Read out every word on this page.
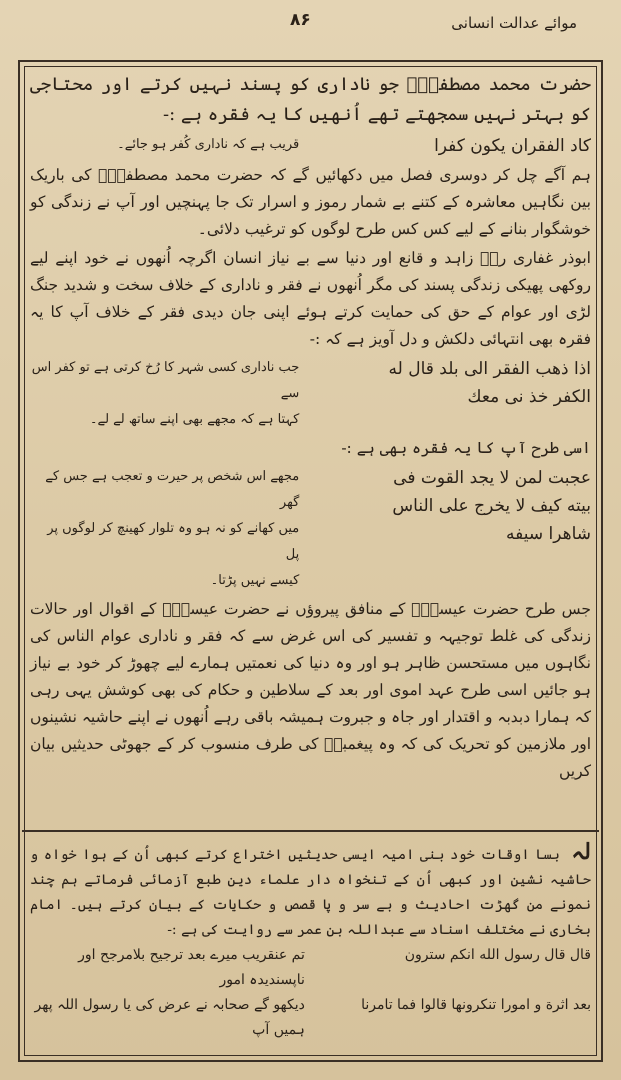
موائے عدالت انسانی
۸۶

حضرت محمد مصطفیٰؐ جو ناداری کو پسند نہیں کرتے اور محتاجی کو بہتر نہیں سمجھتے تھے اُنھیں کا یہ فقرہ ہے :-

کاد الفقران یکون کفرا
قریب ہے کہ ناداری کُفر ہو جائے۔

ہم آگے چل کر دوسری فصل میں دکھائیں گے کہ حضرت محمد مصطفیٰؐ کی باریک بین نگاہیں معاشرہ کے کتنے بے شمار رموز و اسرار تک جا پہنچیں اور آپ نے زندگی کو خوشگوار بنانے کے لیے کس کس طرح لوگوں کو ترغیب دلائی۔

ابوذر غفاری رضؓ زاہد و قانع اور دنیا سے بے نیاز انسان اگرچہ اُنھوں نے خود اپنے لیے روکھی پھیکی زندگی پسند کی مگر اُنھوں نے فقر و ناداری کے خلاف سخت و شدید جنگ لڑی اور عوام کے حق کی حمایت کرتے ہوئے اپنی جان دیدی فقر کے خلاف آپ کا یہ فقرہ بھی انتہائی دلکش و دل آویز ہے کہ :-

اذا ذهب الفقر الی بلد قال له
الکفر خذ نی معك
جب ناداری کسی شہر کا رُخ کرتی ہے تو کفر اس سے
کہتا ہے کہ مجھے بھی اپنے ساتھ لے لے۔

اسی طرح آپ کا یہ فقرہ بھی ہے :-

عجبت لمن لا یجد القوت فی
بیته کیف لا یخرج علی الناس
شاهرا سیفه
مجھے اس شخص پر حیرت و تعجب ہے جس کے گھر
میں کھانے کو نہ ہو وہ تلوار کھینچ کر لوگوں پر پل
کیسے نہیں پڑتا۔

جس طرح حضرت عیسیٰؑ کے منافق پیروؤں نے حضرت عیسیٰؑ کے اقوال اور حالات زندگی کی غلط توجیہہ و تفسیر کی اس غرض سے کہ فقر و ناداری عوام الناس کی نگاہوں میں مستحسن ظاہر ہو اور وہ دنیا کی نعمتیں ہمارے لیے چھوڑ کر خود بے نیاز ہو جائیں اسی طرح عہد اموی اور بعد کے سلاطین و حکام کی بھی کوشش یہی رہی کہ ہمارا دبدبہ و اقتدار اور جاہ و جبروت ہمیشہ باقی رہے اُنھوں نے اپنے حاشیہ نشینوں اور ملازمین کو تحریک کی کہ وہ پیغمبرؐ کی طرف منسوب کر کے جھوٹی حدیثیں بیان کریں

لہ بسا اوقات خود بنی امیہ ایسی حدیثیں اختراع کرتے کبھی اُن کے ہوا خواہ و حاشیہ نشین اور کبھی اُن کے تنخواہ دار علماء دین طبع آزمائی فرماتے ہم چند نمونے من گھڑت احادیث و بے سر و پا قصص و حکایات کے بیان کرتے ہیں۔ امام بخاری نے مختلف اسناد سے عبداللہ بن عمر سے روایت کی ہے :-

قال قال رسول الله انکم سترون
تم عنقریب میرے بعد ترجیح بلامرجح اور ناپسندیدہ امور
بعد اثرة و امورا تنکرونها قالوا فما تامرنا
دیکھو گے صحابہ نے عرض کی یا رسول اللہ پھر ہمیں آپ
